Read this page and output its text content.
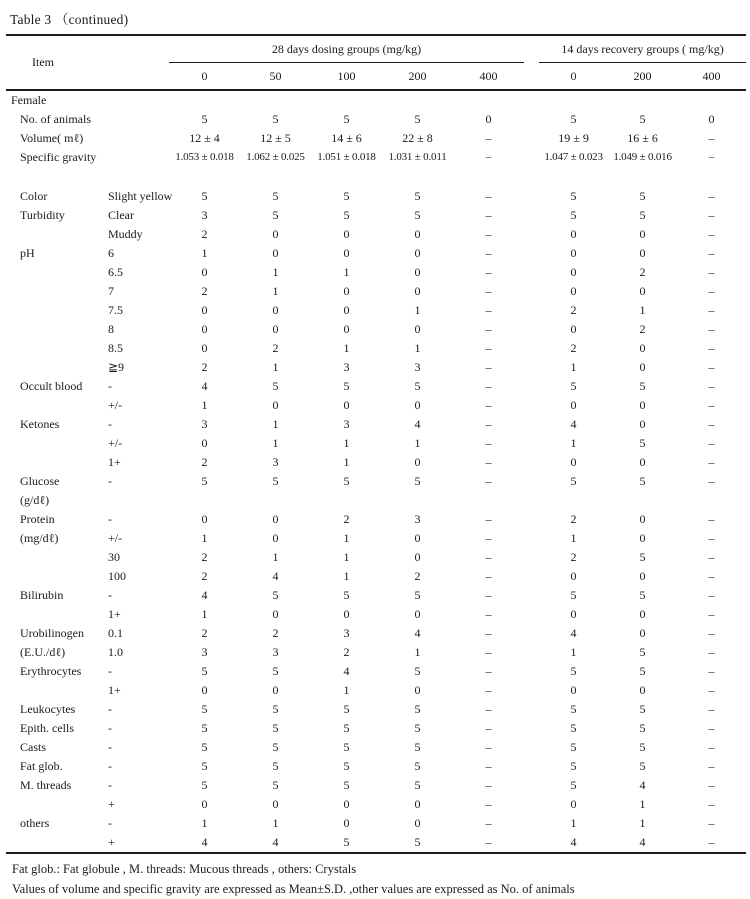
Table 3 （continued)
Item		28 days dosing groups (mg/kg)						14 days recovery groups ( mg/kg)		
		0	50	100	200	400		0	200	400
Female										
No. of animals		5	5	5	5	0		5	5	0
Volume( mℓ)		12 ± 4	12 ± 5	14 ± 6	22 ± 8	–		19 ± 9	16 ± 6	–
Specific gravity		1.053 ± 0.018	1.062 ± 0.025	1.051 ± 0.018	1.031 ± 0.011	–		1.047 ± 0.023	1.049 ± 0.016	–

Color	Slight yellow	5	5	5	5	–		5	5	–
Turbidity	Clear	3	5	5	5	–		5	5	–
	Muddy	2	0	0	0	–		0	0	–
pH	6	1	0	0	0	–		0	0	–
	6.5	0	1	1	0	–		0	2	–
	7	2	1	0	0	–		0	0	–
	7.5	0	0	0	1	–		2	1	–
	8	0	0	0	0	–		0	2	–
	8.5	0	2	1	1	–		2	0	–
	≧9	2	1	3	3	–		1	0	–
Occult blood	-	4	5	5	5	–		5	5	–
	+/-	1	0	0	0	–		0	0	–
Ketones	-	3	1	3	4	–		4	0	–
	+/-	0	1	1	1	–		1	5	–
	1+	2	3	1	0	–		0	0	–
Glucose	-	5	5	5	5	–		5	5	–
(g/dℓ)										
Protein	-	0	0	2	3	–		2	0	–
(mg/dℓ)	+/-	1	0	1	0	–		1	0	–
	30	2	1	1	0	–		2	5	–
	100	2	4	1	2	–		0	0	–
Bilirubin	-	4	5	5	5	–		5	5	–
	1+	1	0	0	0	–		0	0	–
Urobilinogen	0.1	2	2	3	4	–		4	0	–
(E.U./dℓ)	1.0	3	3	2	1	–		1	5	–
Erythrocytes	-	5	5	4	5	–		5	5	–
	1+	0	0	1	0	–		0	0	–
Leukocytes	-	5	5	5	5	–		5	5	–
Epith. cells	-	5	5	5	5	–		5	5	–
Casts	-	5	5	5	5	–		5	5	–
Fat glob.	-	5	5	5	5	–		5	5	–
M. threads	-	5	5	5	5	–		5	4	–
	+	0	0	0	0	–		0	1	–
others	-	1	1	0	0	–		1	1	–
	+	4	4	5	5	–		4	4	–
Fat glob.: Fat globule , M. threads: Mucous threads , others: Crystals
Values of volume and specific gravity are expressed as Mean±S.D. ,other values are expressed as No. of animals
